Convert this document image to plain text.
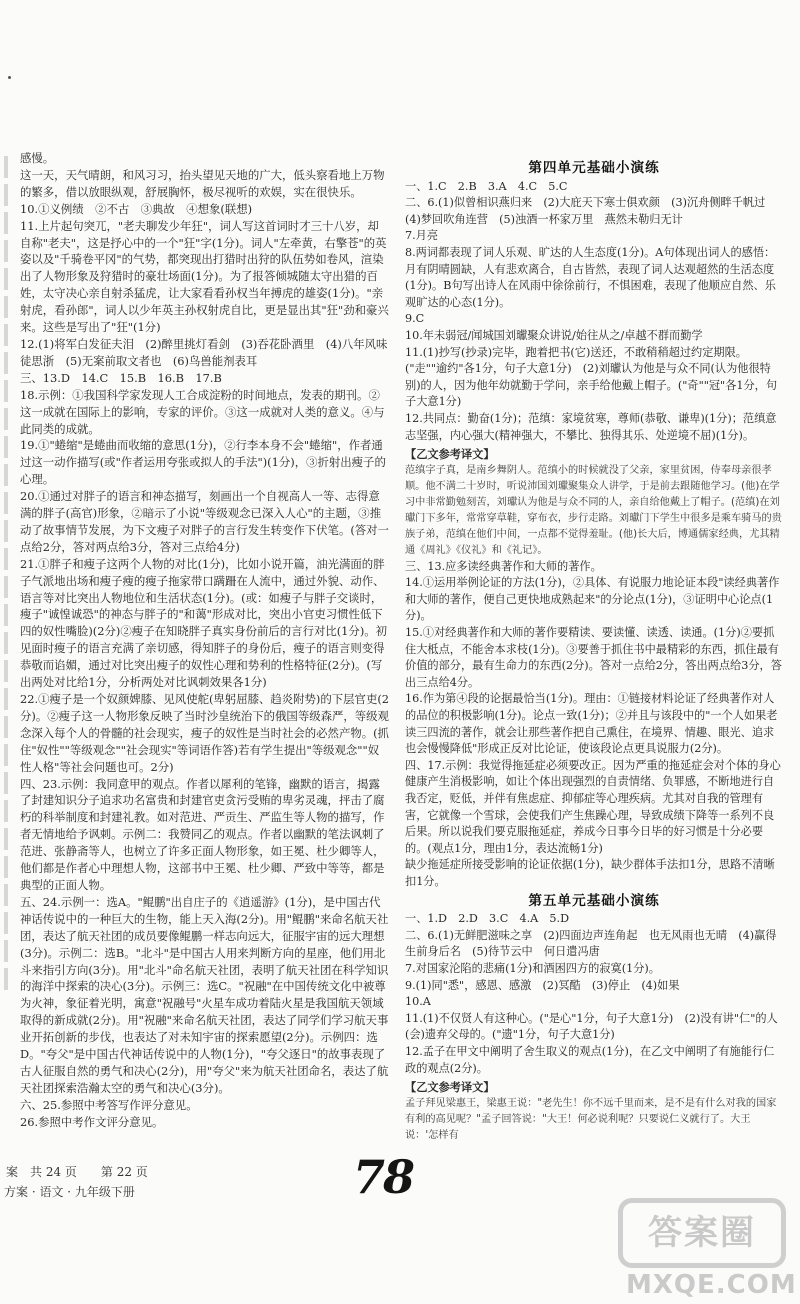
感慢。

这一天，天气晴朗，和风习习，抬头望见天地的广大，低头察看地上万物的繁多，借以放眼纵观，舒展胸怀，极尽视听的欢娱，实在很快乐。

10.①义例绩　②不古　③典故　④想象(联想)

11.上片起句突兀，"老夫聊发少年狂"，词人写这首词时才三十八岁，却自称"老夫"，这是抒心中的一个"狂"字(1分)。词人"左牵黄，右擎苍"的英姿以及"千骑卷平冈"的气势，都突现出打猎时出狩的队伍势如卷风，渲染出了人物形象及狩猎时的豪壮场面(1分)。为了报答倾城随太守出猎的百姓，太守决心亲自射杀猛虎，让大家看看孙权当年搏虎的雄姿(1分)。"亲射虎，看孙郎"，词人以少年英主孙权射虎自比，更是显出其"狂"劲和豪兴来。这些是写出了"狂"(1分)

12.(1)将军白发征夫泪　(2)醉里挑灯看剑　(3)吞花卧酒里　(4)八年风味徒思浙　(5)无案前取文者也　(6)鸟兽能剂表耳

三、13.D　14.C　15.B　16.B　17.B

18.示例：①我国科学家发现人工合成淀粉的时间地点，发表的期刊。②这一成就在国际上的影响，专家的评价。③这一成就对人类的意义。④与此同类的成就。

19.①"蜷缩"是蜷曲而收缩的意思(1分)，②行李本身不会"蜷缩"，作者通过这一动作描写(或"作者运用夸张或拟人的手法")(1分)，③折射出瘦子的心理。

20.①通过对胖子的语言和神态描写，刻画出一个自视高人一等、志得意满的胖子(高官)形象，②暗示了小说"等级观念已深入人心"的主题，③推动了故事情节发展，为下文瘦子对胖子的言行发生转变作下伏笔。(答对一点给2分，答对两点给3分，答对三点给4分)

21.①胖子和瘦子这两个人物的对比(1分)，比如小说开篇，油光满面的胖子气派地出场和瘦子瘦的瘦子拖家带口蹒跚在人流中，通过外貌、动作、语言等对比突出人物地位和生活状态(1分)。(或：如瘦子与胖子交谈时，瘦子"诚惶诚恐"的神态与胖子的"和蔼"形成对比，突出小官吏习惯性低下四的奴性嘴脸)(2分)②瘦子在知晓胖子真实身份前后的言行对比(1分)。初见面时瘦子的语言充满了亲切感，得知胖子的身份后，瘦子的语言则变得恭敬而谄媚，通过对比突出瘦子的奴性心理和势利的性格特征(2分)。(写出两处对比给1分，分析两处对比讽刺效果各1分)

22.①瘦子是一个奴颜婢膝、见风使舵(卑躬屈膝、趋炎附势)的下层官吏(2分)。②瘦子这一人物形象反映了当时沙皇统治下的俄国等级森严，等级观念深入每个人的骨髓的社会现实，瘦子的奴性是当时社会的必然产物。(抓住"奴性""等级观念""社会现实"等词语作答)若有学生提出"等级观念""奴性人格"等社会问题也可。2分)

四、23.示例：我同意甲的观点。作者以犀利的笔锋，幽默的语言，揭露了封建知识分子追求功名富贵和封建官吏贪污受贿的卑劣灵魂，抨击了腐朽的科举制度和封建礼教。如对范进、严贡生、严监生等人物的描写，作者无情地给予讽刺。示例二：我赞同乙的观点。作者以幽默的笔法讽刺了范进、张静斋等人，也树立了许多正面人物形象，如王冕、杜少卿等人，他们都是作者心中理想人物，这部书中王冕、杜少卿、严致中等等，都是典型的正面人物。

五、24.示例一：选A。"鲲鹏"出自庄子的《逍遥游》(1分)，是中国古代神话传说中的一种巨大的生物，能上天入海(2分)。用"鲲鹏"来命名航天社团，表达了航天社团的成员要像鲲鹏一样志向远大，征服宇宙的远大理想(3分)。示例二：选B。"北斗"是中国古人用来判断方向的星座，他们用北斗来指引方向(3分)。用"北斗"命名航天社团，表明了航天社团在科学知识的海洋中探索的决心(3分)。示例三：选C。"祝融"在中国传统文化中被尊为火神，象征着光明，寓意"祝融号"火星车成功着陆火星是我国航天领域取得的新成就(2分)。用"祝融"来命名航天社团，表达了同学们学习航天事业开拓创新的步伐，也表达了对未知宇宙的探索愿望(2分)。示例四：选D。"夸父"是中国古代神话传说中的人物(1分)，"夸父逐日"的故事表现了古人征服自然的勇气和决心(2分)，用"夸父"来为航天社团命名，表达了航天社团探索浩瀚太空的勇气和决心(3分)。

六、25.参照中考答写作评分意见。

26.参照中考作文评分意见。

第四单元基础小演练

一、1.C　2.B　3.A　4.C　5.C

二、6.(1)似曾相识燕归来　(2)大庇天下寒士俱欢颜　(3)沉舟侧畔千帆过　(4)梦回吹角连营　(5)浊酒一杯家万里　燕然未勒归无计

7.月亮

8.两词都表现了词人乐观、旷达的人生态度(1分)。A句体现出词人的感悟：月有阴晴圆缺，人有悲欢离合，自古皆然，表现了词人达观超然的生活态度(1分)。B句写出诗人在风雨中徐徐前行，不惧困难，表现了他顺应自然、乐观旷达的心态(1分)。

9.C

10.年未弱冠/闻城国刘瓛聚众讲说/始往从之/卓越不群而勤学

11.(1)抄写(抄录)完毕，跑着把书(它)送还，不敢稍稍超过约定期限。("走""逾约"各1分，句子大意1分)　(2)刘瓛认为他是与众不同(认为他很特别)的人，因为他年幼就勤于学问，亲手给他戴上帽子。("奇""冠"各1分，句子大意1分)

12.共同点：勤奋(1分)；范缜：家境贫寒，尊师(恭敬、谦卑)(1分)；范缜意志坚强，内心强大(精神强大，不攀比、独得其乐、处逆境不屈)(1分)。

【乙文参考译文】

范缜字子真，是南乡舞阴人。范缜小的时候就没了父亲，家里贫困，侍奉母亲很孝顺。他不满二十岁时，听说沛国刘瓛聚集众人讲学，于是前去跟随他学习。(他)在学习中非常勤勉刻苦，刘瓛认为他是与众不同的人，亲自给他戴上了帽子。(范缜)在刘瓛门下多年，常常穿草鞋，穿布衣，步行走路。刘瓛门下学生中很多是乘车骑马的贵族子弟，范缜在他们中间，一点都不觉得羞耻。(他)长大后，博通儒家经典，尤其精通《周礼》《仪礼》和《礼记》。

三、13.应多读经典著作和大师的著作。

14.①运用举例论证的方法(1分)，②具体、有说服力地论证本段"读经典著作和大师的著作，便自己更快地成熟起来"的分论点(1分)，③证明中心论点(1分)。

15.①对经典著作和大师的著作要精读、要读懂、读透、读通。(1分)②要抓住大柢点，不能舍本求枝(1分)。③要善于抓住书中最精彩的东西，抓住最有价值的部分，最有生命力的东西(2分)。答对一点给2分，答出两点给3分，答出三点给4分。

16.作为第④段的论据最恰当(1分)。理由：①链接材料论证了经典著作对人的品位的积极影响(1分)。论点一致(1分)；②并且与该段中的"一个人如果老读三四流的著作，就会让那些著作把自己熏住，在境界、情趣、眼光、追求也会慢慢降低"形成正反对比论证，使该段论点更具说服力(2分)。

四、17.示例：我觉得拖延症必须要改正。因为严重的拖延症会对个体的身心健康产生消极影响，如让个体出现强烈的自责情绪、负罪感，不断地进行自我否定，贬低，并伴有焦虑症、抑郁症等心理疾病。尤其对自我的管理有害，它就像一个雪球，会使我们产生焦躁心理，导致成绩下降等一系列不良后果。所以说我们要克服拖延症，养成今日事今日毕的好习惯是十分必要的。(观点1分，理由1分，表达流畅1分)

缺少拖延症所接受影响的论证依据(1分)，缺少群体手法扣1分，思路不清晰扣1分。

第五单元基础小演练

一、1.D　2.D　3.C　4.A　5.D

二、6.(1)无鲜肥滋味之享　(2)四面边声连角起　也无风雨也无晴　(4)赢得生前身后名　(5)待节云中　何日遣冯唐

7.对国家沦陷的悲痛(1分)和酒困四方的寂寞(1分)。

9.(1)同"悉"，感恩、感激　(2)冥酷　(3)停止　(4)如果

10.A

11.(1)不仅贤人有这种心。("是心"1分，句子大意1分)　(2)没有讲"仁"的人(会)遗弃父母的。("遗"1分，句子大意1分)

12.孟子在甲文中阐明了舍生取义的观点(1分)，在乙文中阐明了有施能行仁政的观点(2分)。

【乙文参考译文】

孟子拜见梁惠王，梁惠王说："老先生！你不远千里而来，是不是有什么对我的国家有利的高见呢？"孟子回答说："大王！何必说利呢？只要说仁义就行了。大王说：'怎样有

案　共 24 页　　第 22 页
方案 · 语文 · 九年级下册	78
答案圈
MXQE.COM
